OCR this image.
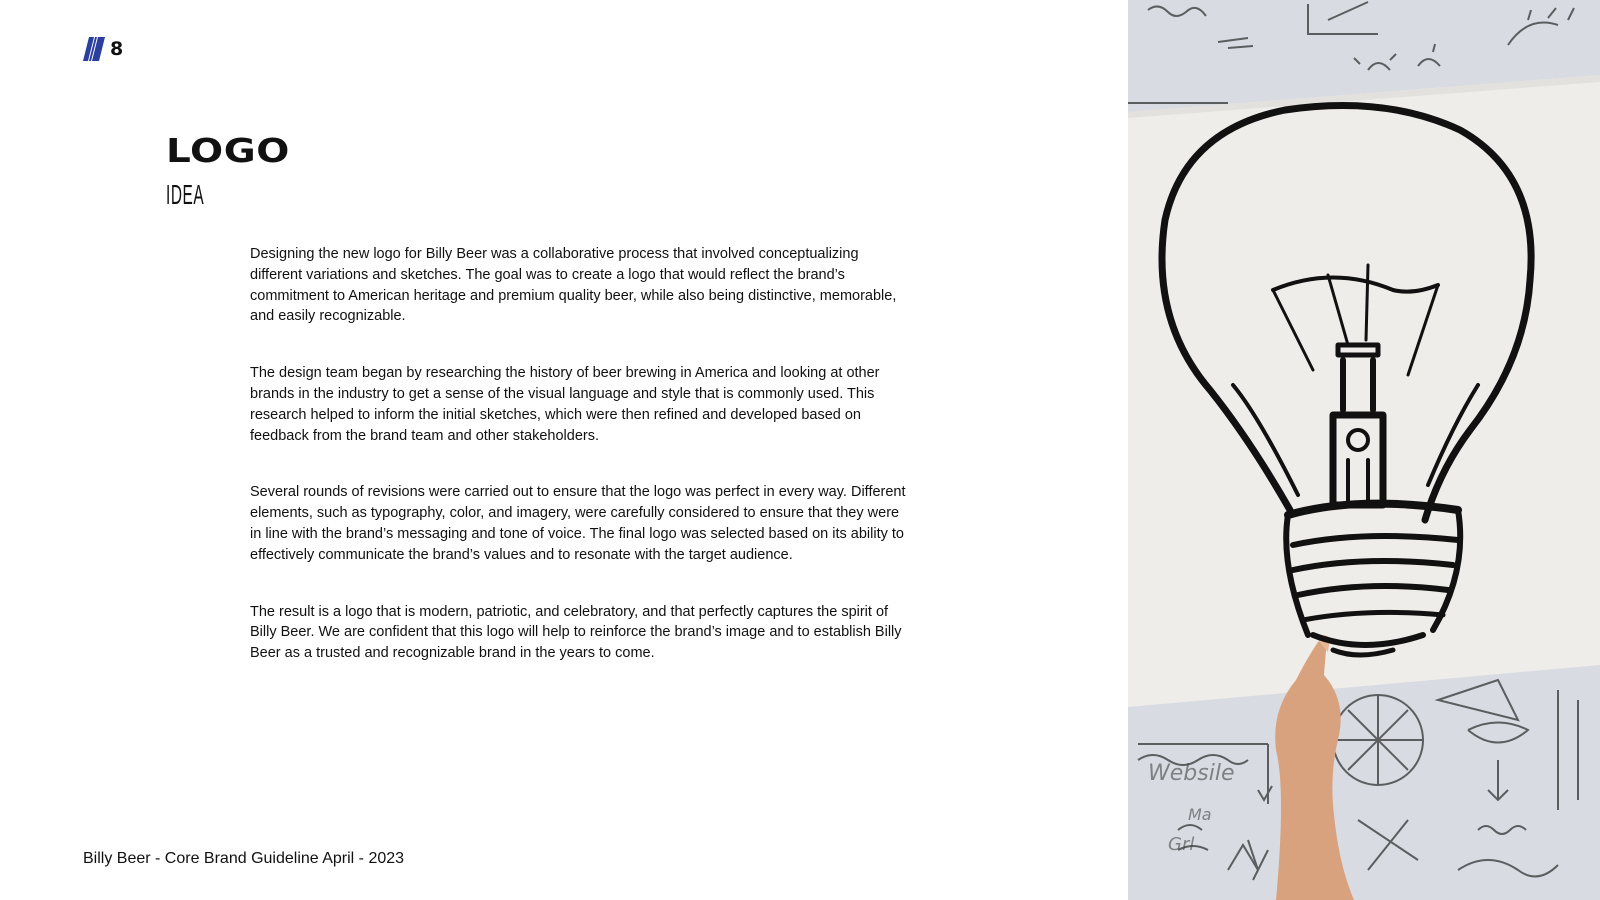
8
LOGO
IDEA

Designing the new logo for Billy Beer was a collaborative process that involved conceptualizing different variations and sketches. The goal was to create a logo that would reflect the brand’s commitment to American heritage and premium quality beer, while also being distinctive, memorable, and easily recognizable.

The design team began by researching the history of beer brewing in America and looking at other brands in the industry to get a sense of the visual language and style that is commonly used. This research helped to inform the initial sketches, which were then refined and developed based on feedback from the brand team and other stakeholders.

Several rounds of revisions were carried out to ensure that the logo was perfect in every way. Different elements, such as typography, color, and imagery, were carefully considered to ensure that they were in line with the brand’s messaging and tone of voice. The final logo was selected based on its ability to effectively communicate the brand’s values and to resonate with the target audience.

The result is a logo that is modern, patriotic, and celebratory, and that perfectly captures the spirit of Billy Beer. We are confident that this logo will help to reinforce the brand’s image and to establish Billy Beer as a trusted and recognizable brand in the years to come.

Billy Beer - Core Brand Guideline April - 2023
Websile
Ma
Grl
